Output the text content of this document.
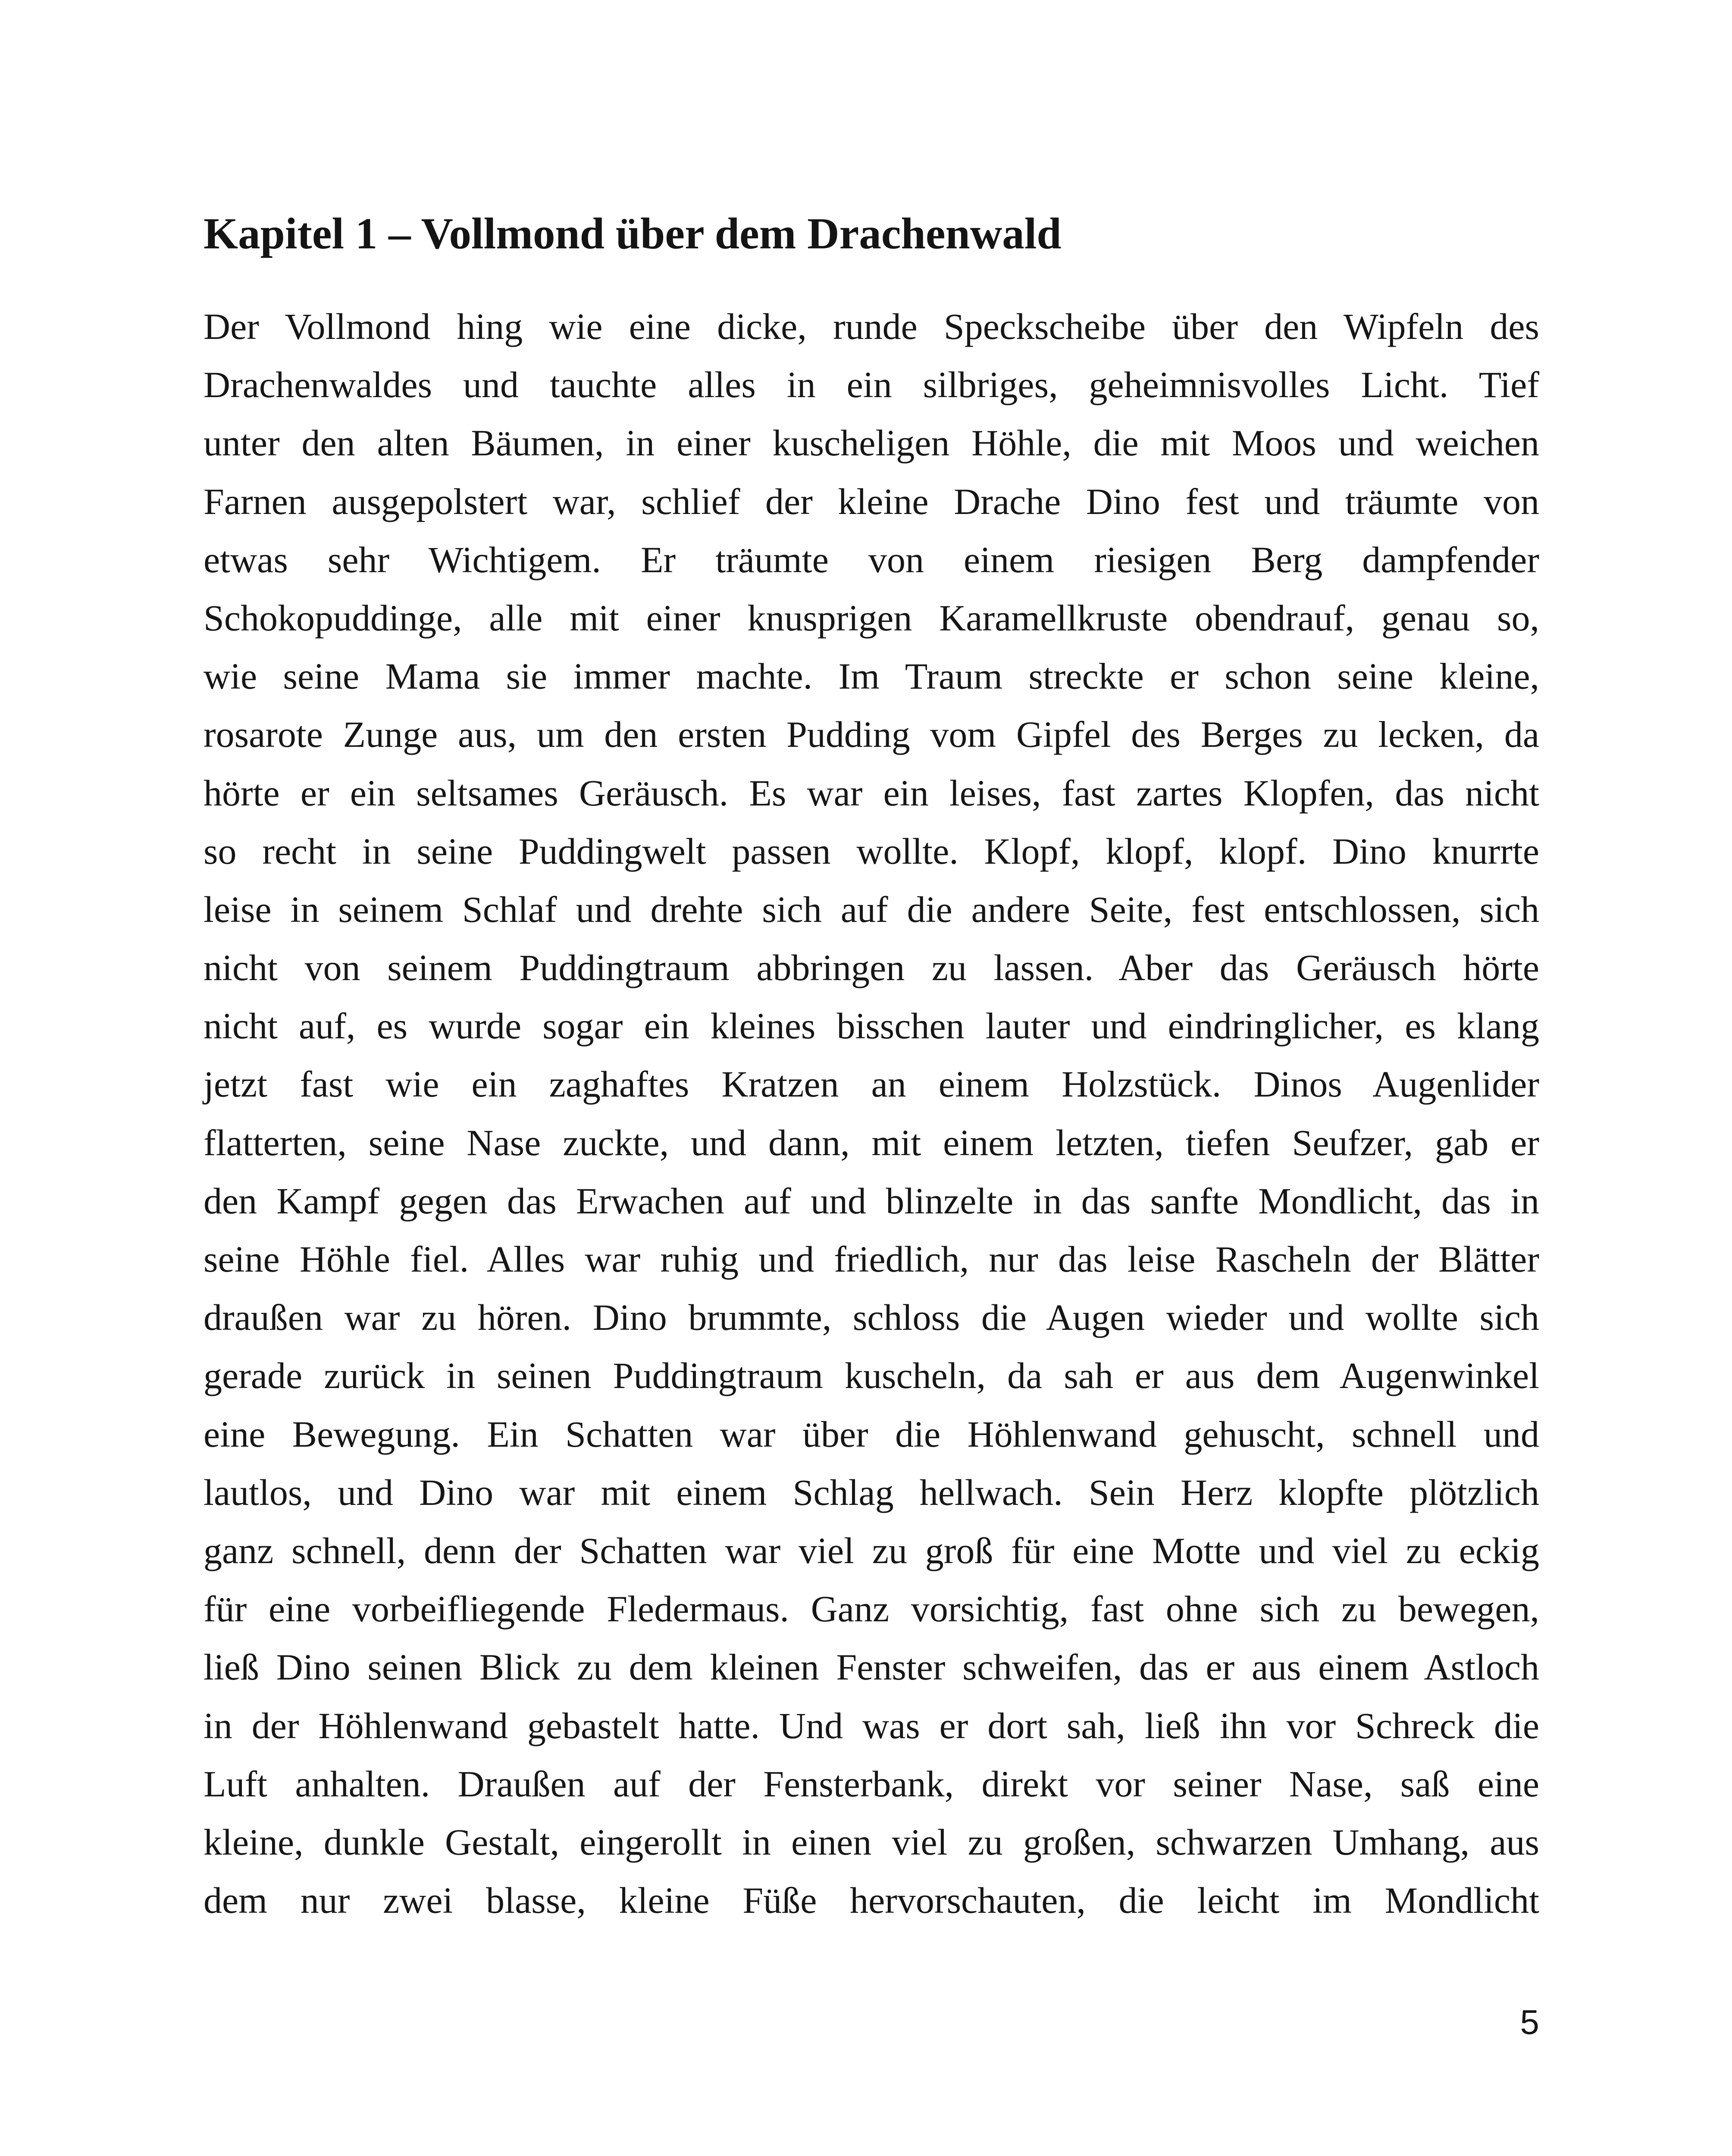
Kapitel 1 – Vollmond über dem Drachenwald
Der Vollmond hing wie eine dicke, runde Speckscheibe über den Wipfeln des
Drachenwaldes und tauchte alles in ein silbriges, geheimnisvolles Licht. Tief
unter den alten Bäumen, in einer kuscheligen Höhle, die mit Moos und weichen
Farnen ausgepolstert war, schlief der kleine Drache Dino fest und träumte von
etwas sehr Wichtigem. Er träumte von einem riesigen Berg dampfender
Schokopuddinge, alle mit einer knusprigen Karamellkruste obendrauf, genau so,
wie seine Mama sie immer machte. Im Traum streckte er schon seine kleine,
rosarote Zunge aus, um den ersten Pudding vom Gipfel des Berges zu lecken, da
hörte er ein seltsames Geräusch. Es war ein leises, fast zartes Klopfen, das nicht
so recht in seine Puddingwelt passen wollte. Klopf, klopf, klopf. Dino knurrte
leise in seinem Schlaf und drehte sich auf die andere Seite, fest entschlossen, sich
nicht von seinem Puddingtraum abbringen zu lassen. Aber das Geräusch hörte
nicht auf, es wurde sogar ein kleines bisschen lauter und eindringlicher, es klang
jetzt fast wie ein zaghaftes Kratzen an einem Holzstück. Dinos Augenlider
flatterten, seine Nase zuckte, und dann, mit einem letzten, tiefen Seufzer, gab er
den Kampf gegen das Erwachen auf und blinzelte in das sanfte Mondlicht, das in
seine Höhle fiel. Alles war ruhig und friedlich, nur das leise Rascheln der Blätter
draußen war zu hören. Dino brummte, schloss die Augen wieder und wollte sich
gerade zurück in seinen Puddingtraum kuscheln, da sah er aus dem Augenwinkel
eine Bewegung. Ein Schatten war über die Höhlenwand gehuscht, schnell und
lautlos, und Dino war mit einem Schlag hellwach. Sein Herz klopfte plötzlich
ganz schnell, denn der Schatten war viel zu groß für eine Motte und viel zu eckig
für eine vorbeifliegende Fledermaus. Ganz vorsichtig, fast ohne sich zu bewegen,
ließ Dino seinen Blick zu dem kleinen Fenster schweifen, das er aus einem Astloch
in der Höhlenwand gebastelt hatte. Und was er dort sah, ließ ihn vor Schreck die
Luft anhalten. Draußen auf der Fensterbank, direkt vor seiner Nase, saß eine
kleine, dunkle Gestalt, eingerollt in einen viel zu großen, schwarzen Umhang, aus
dem nur zwei blasse, kleine Füße hervorschauten, die leicht im Mondlicht
5
